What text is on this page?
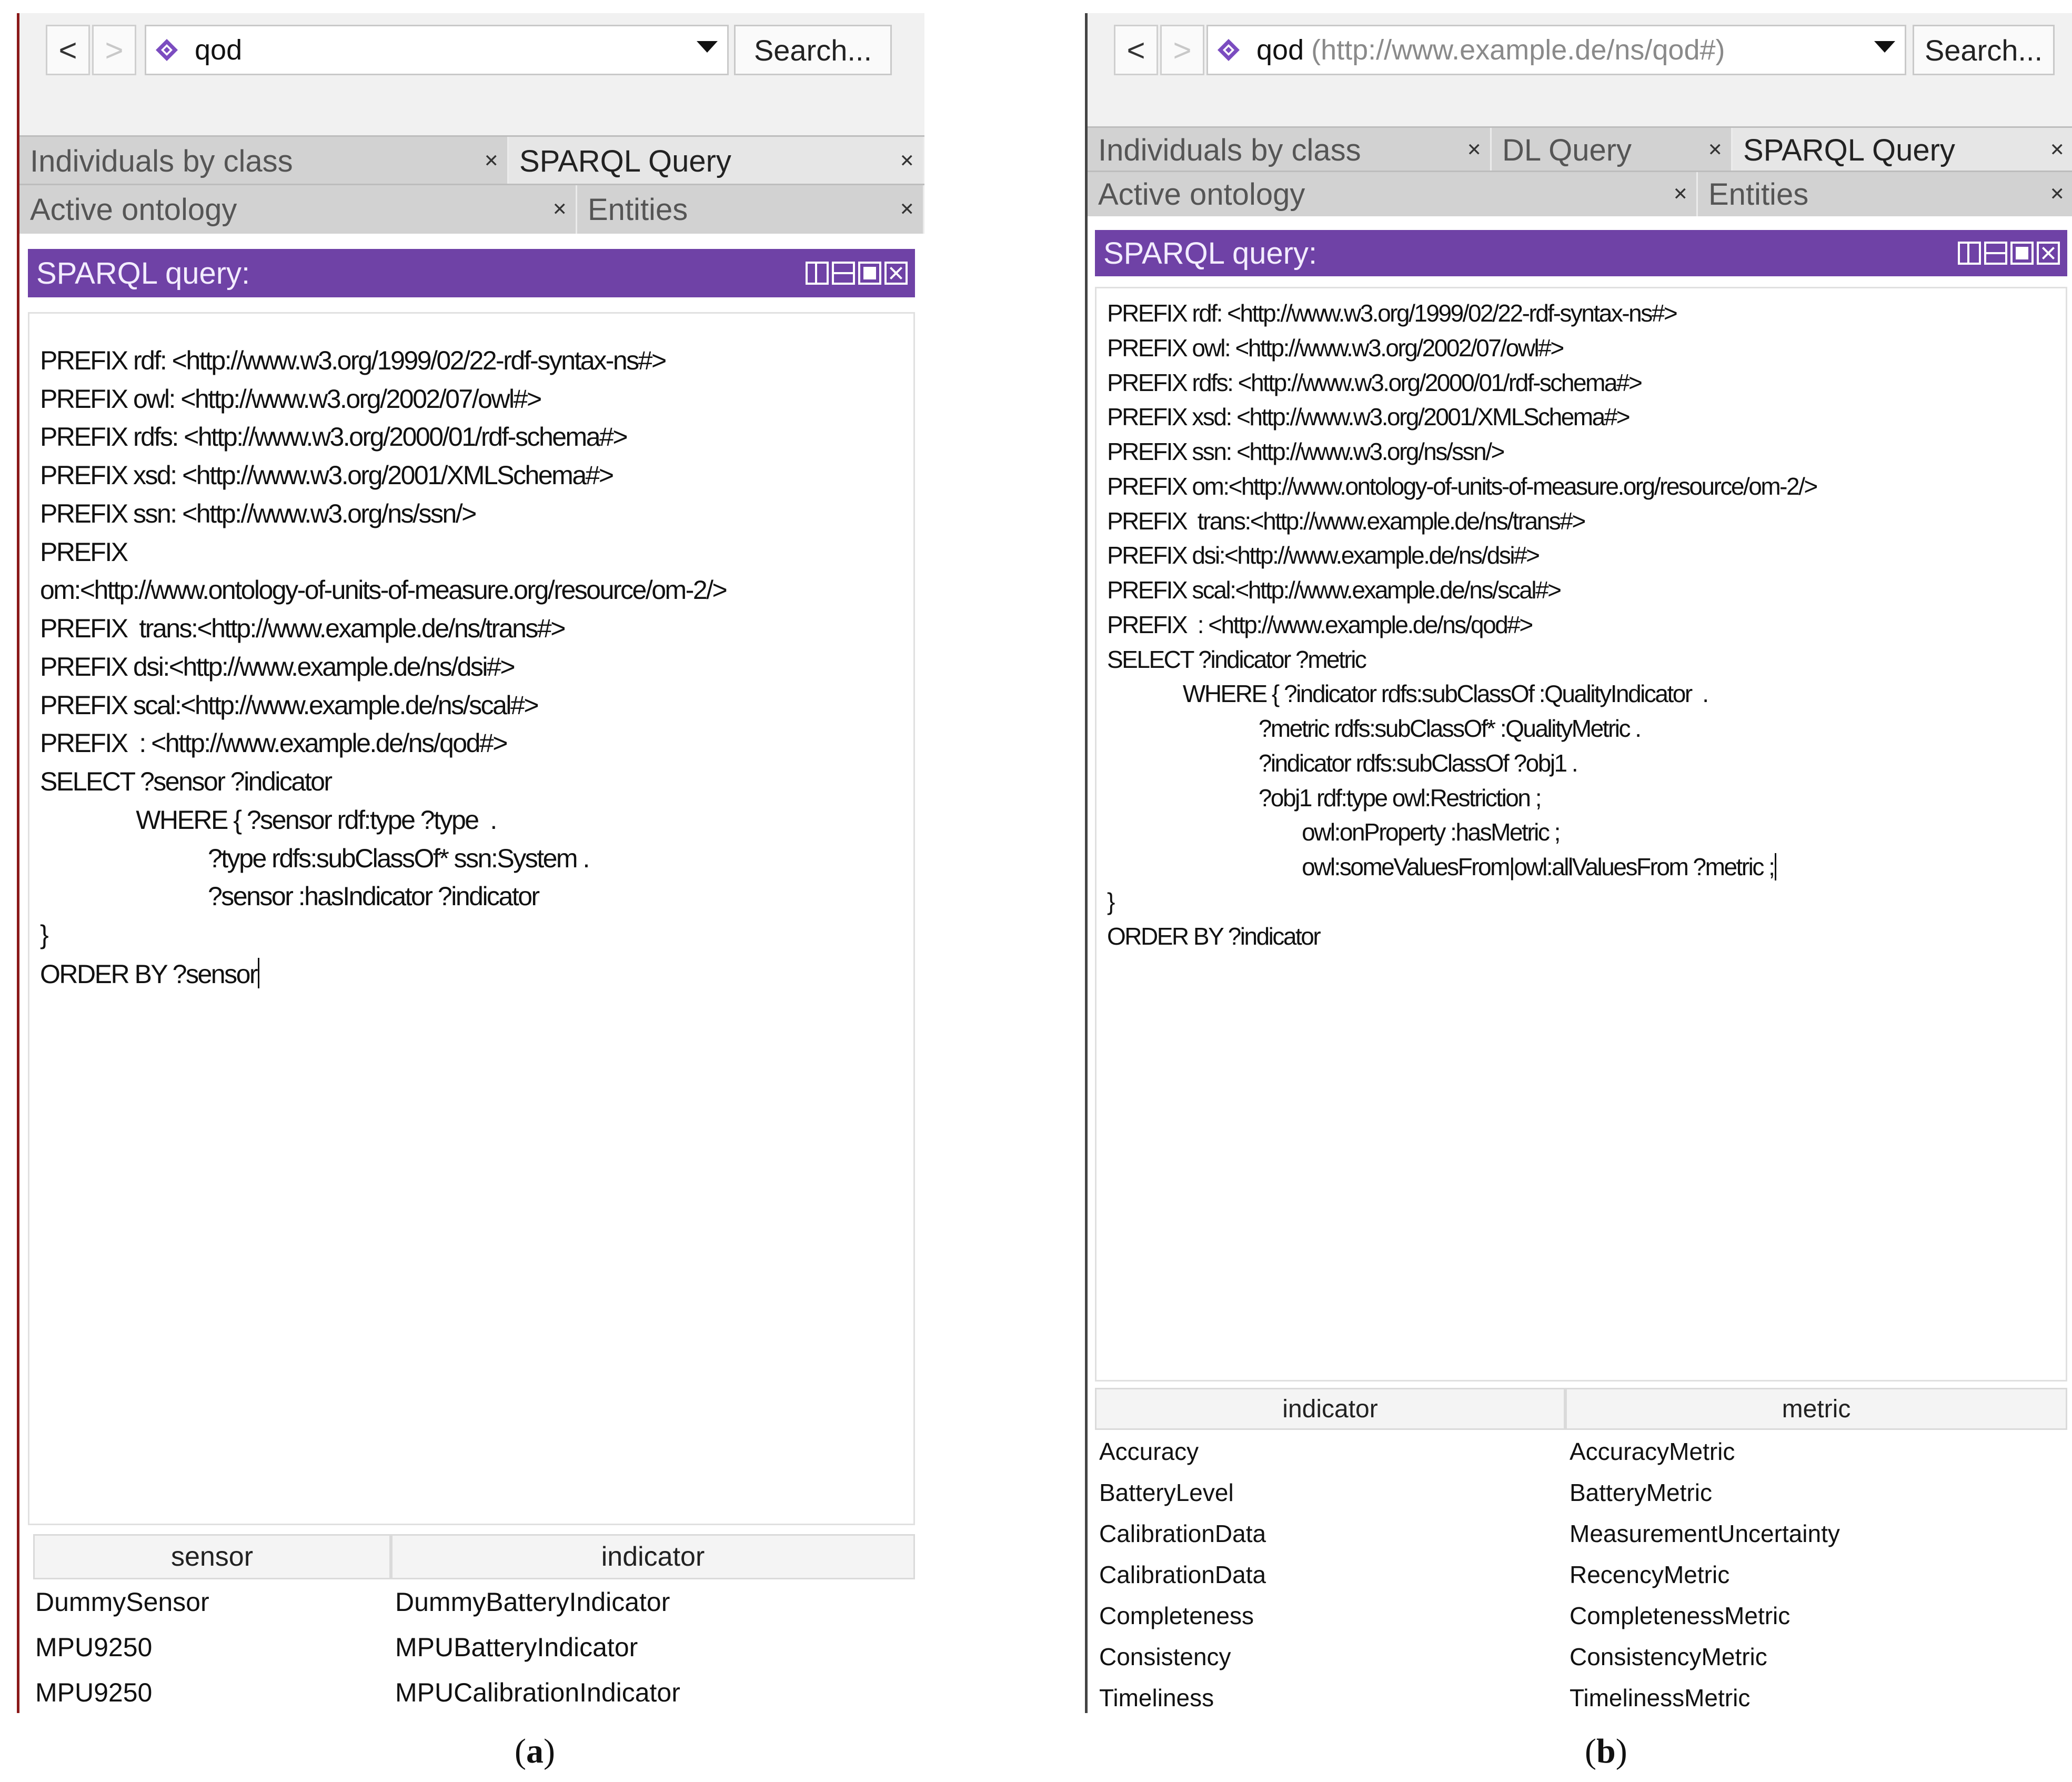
< >	qod	Search...
Individuals by class	✕ SPARQL Query	✕
Active ontology	✕ Entities	✕
SPARQL query:
PREFIX rdf: <http://www.w3.org/1999/02/22-rdf-syntax-ns#>
PREFIX owl: <http://www.w3.org/2002/07/owl#>
PREFIX rdfs: <http://www.w3.org/2000/01/rdf-schema#>
PREFIX xsd: <http://www.w3.org/2001/XMLSchema#>
PREFIX ssn: <http://www.w3.org/ns/ssn/>
PREFIX
om:<http://www.ontology-of-units-of-measure.org/resource/om-2/>
PREFIX  trans:<http://www.example.de/ns/trans#>
PREFIX dsi:<http://www.example.de/ns/dsi#>
PREFIX scal:<http://www.example.de/ns/scal#>
PREFIX  : <http://www.example.de/ns/qod#>
SELECT ?sensor ?indicator
WHERE { ?sensor rdf:type ?type  .
?type rdfs:subClassOf* ssn:System .
?sensor :hasIndicator ?indicator
}
ORDER BY ?sensor
sensor	indicator
DummySensor	DummyBatteryIndicator
MPU9250	MPUBatteryIndicator
MPU9250	MPUCalibrationIndicator
< >	qod (http://www.example.de/ns/qod#)	Search...
Individuals by class	✕ DL Query	✕ SPARQL Query	✕
Active ontology	✕ Entities	✕
SPARQL query:
PREFIX rdf: <http://www.w3.org/1999/02/22-rdf-syntax-ns#>
PREFIX owl: <http://www.w3.org/2002/07/owl#>
PREFIX rdfs: <http://www.w3.org/2000/01/rdf-schema#>
PREFIX xsd: <http://www.w3.org/2001/XMLSchema#>
PREFIX ssn: <http://www.w3.org/ns/ssn/>
PREFIX om:<http://www.ontology-of-units-of-measure.org/resource/om-2/>
PREFIX  trans:<http://www.example.de/ns/trans#>
PREFIX dsi:<http://www.example.de/ns/dsi#>
PREFIX scal:<http://www.example.de/ns/scal#>
PREFIX  : <http://www.example.de/ns/qod#>
SELECT ?indicator ?metric
WHERE { ?indicator rdfs:subClassOf :QualityIndicator  .
?metric rdfs:subClassOf* :QualityMetric .
?indicator rdfs:subClassOf ?obj1 .
?obj1 rdf:type owl:Restriction ;
owl:onProperty :hasMetric ;
owl:someValuesFrom|owl:allValuesFrom ?metric ;
}
ORDER BY ?indicator
indicator	metric
Accuracy	AccuracyMetric
BatteryLevel	BatteryMetric
CalibrationData	MeasurementUncertainty
CalibrationData	RecencyMetric
Completeness	CompletenessMetric
Consistency	ConsistencyMetric
Timeliness	TimelinessMetric
(a)	(b)
